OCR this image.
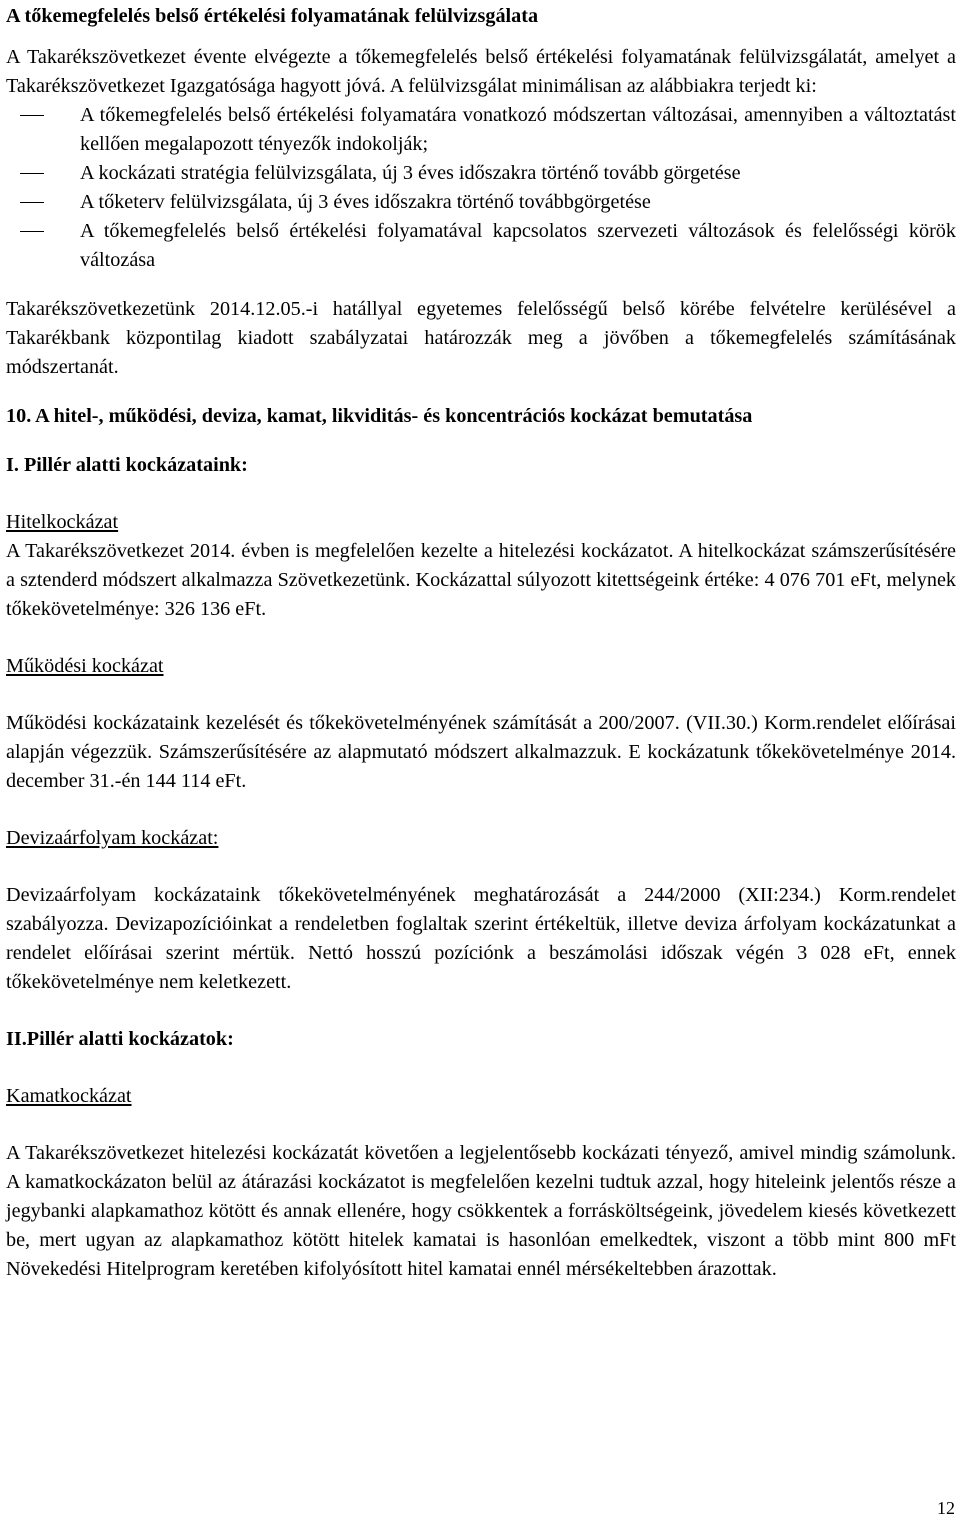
A tőkemegfelelés belső értékelési folyamatának felülvizsgálata

A Takarékszövetkezet évente elvégezte a tőkemegfelelés belső értékelési folyamatának felülvizsgálatát, amelyet a Takarékszövetkezet Igazgatósága hagyott jóvá. A felülvizsgálat minimálisan az alábbiakra terjedt ki:

A tőkemegfelelés belső értékelési folyamatára vonatkozó módszertan változásai, amennyiben a változtatást kellően megalapozott tényezők indokolják;
A kockázati stratégia felülvizsgálata, új 3 éves időszakra történő tovább görgetése
A tőketerv felülvizsgálata, új 3 éves időszakra történő továbbgörgetése
A tőkemegfelelés belső értékelési folyamatával kapcsolatos szervezeti változások és felelősségi körök változása

Takarékszövetkezetünk 2014.12.05.-i hatállyal egyetemes felelősségű belső körébe felvételre kerülésével a Takarékbank központilag kiadott szabályzatai határozzák meg a jövőben a tőkemegfelelés számításának módszertanát.

10. A hitel-, működési, deviza, kamat, likviditás- és koncentrációs kockázat bemutatása

I. Pillér alatti kockázataink:

Hitelkockázat

A Takarékszövetkezet 2014. évben is megfelelően kezelte a hitelezési kockázatot. A hitelkockázat számszerűsítésére a sztenderd módszert alkalmazza Szövetkezetünk. Kockázattal súlyozott kitettségeink értéke: 4 076 701 eFt, melynek tőkekövetelménye: 326 136 eFt.

Működési kockázat

Működési kockázataink kezelését és tőkekövetelményének számítását a 200/2007. (VII.30.) Korm.rendelet előírásai alapján végezzük. Számszerűsítésére az alapmutató módszert alkalmazzuk. E kockázatunk tőkekövetelménye 2014. december 31.-én 144 114 eFt.

Devizaárfolyam kockázat:

Devizaárfolyam kockázataink tőkekövetelményének meghatározását a 244/2000 (XII:234.) Korm.rendelet szabályozza. Devizapozícióinkat a rendeletben foglaltak szerint értékeltük, illetve deviza árfolyam kockázatunkat a rendelet előírásai szerint mértük. Nettó hosszú pozíciónk a beszámolási időszak végén 3 028 eFt, ennek tőkekövetelménye nem keletkezett.

II.Pillér alatti kockázatok:

Kamatkockázat

A Takarékszövetkezet hitelezési kockázatát követően a legjelentősebb kockázati tényező, amivel mindig számolunk. A kamatkockázaton belül az átárazási kockázatot is megfelelően kezelni tudtuk azzal, hogy hiteleink jelentős része a jegybanki alapkamathoz kötött és annak ellenére, hogy csökkentek a forrásköltségeink, jövedelem kiesés következett be, mert ugyan az alapkamathoz kötött hitelek kamatai is hasonlóan emelkedtek, viszont a több mint 800 mFt Növekedési Hitelprogram keretében kifolyósított hitel kamatai ennél mérsékeltebben árazottak.

12
